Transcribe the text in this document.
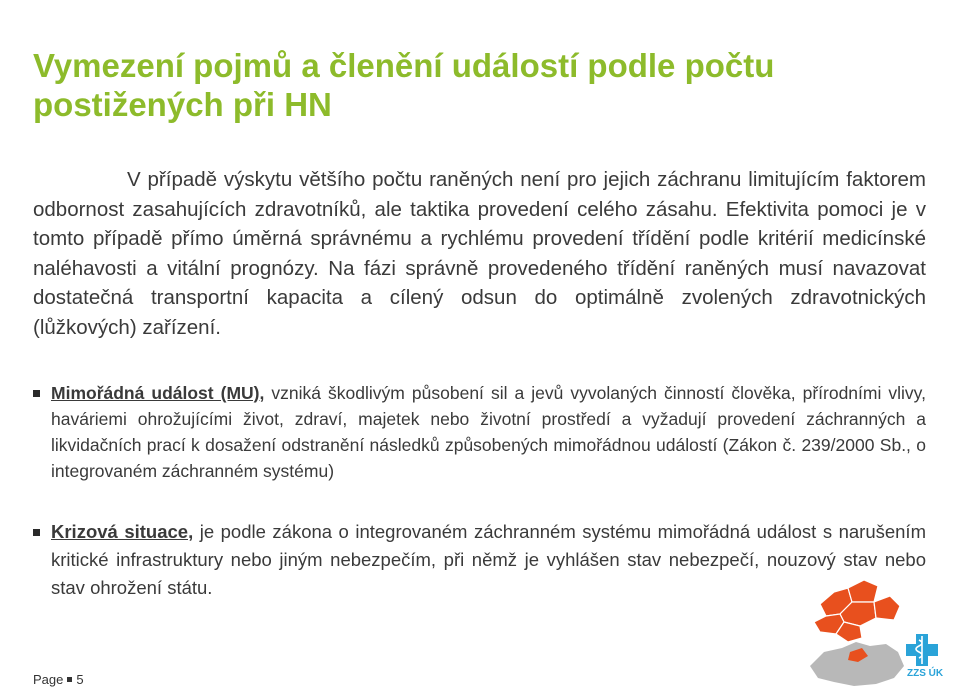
Vymezení pojmů a členění událostí podle počtu postižených při HN

V případě výskytu většího počtu raněných není pro jejich záchranu limitujícím faktorem odbornost zasahujících zdravotníků, ale taktika provedení celého zásahu. Efektivita pomoci je v tomto případě přímo úměrná správnému a rychlému provedení třídění podle kritérií medicínské naléhavosti a vitální prognózy. Na fázi správně provedeného třídění raněných musí navazovat dostatečná transportní kapacita a cílený odsun do optimálně zvolených zdravotnických (lůžkových) zařízení.

Mimořádná událost (MU), vzniká škodlivým působení sil a jevů vyvolaných činností člověka, přírodními vlivy, haváriemi ohrožujícími život, zdraví, majetek nebo životní prostředí a vyžadují provedení záchranných a likvidačních prací k dosažení odstranění následků způsobených mimořádnou událostí (Zákon č. 239/2000 Sb., o integrovaném záchranném systému)
Krizová situace, je podle zákona o integrovaném záchranném systému mimořádná událost s narušením kritické infrastruktury nebo jiným nebezpečím, při němž je vyhlášen stav nebezpečí, nouzový stav nebo stav ohrožení státu.
Page 5	ZZS ÚK
